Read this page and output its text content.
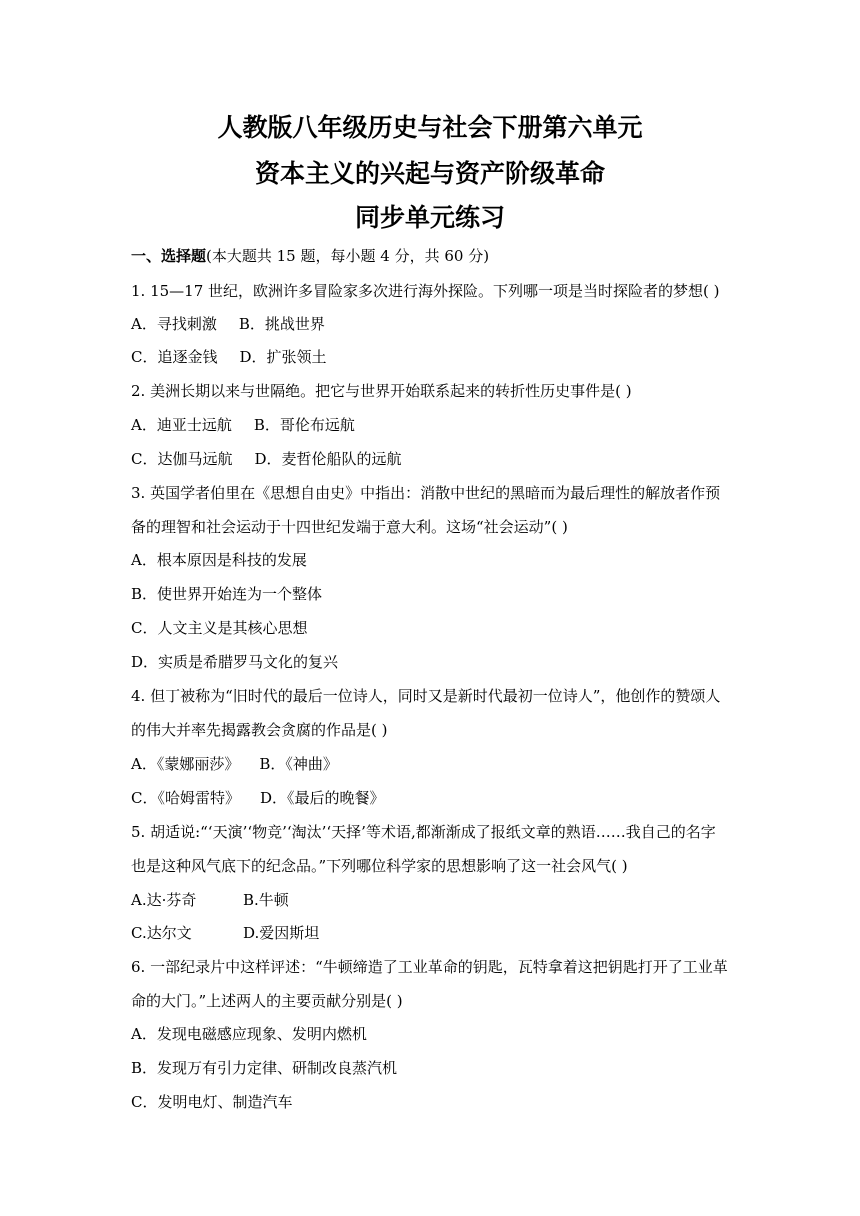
人教版八年级历史与社会下册第六单元
资本主义的兴起与资产阶级革命
同步单元练习
一、选择题(本大题共 15 题，每小题 4 分，共 60 分)
1. 15—17 世纪，欧洲许多冒险家多次进行海外探险。下列哪一项是当时探险者的梦想( )
A．寻找刺激 B．挑战世界
C．追逐金钱 D．扩张领土
2. 美洲长期以来与世隔绝。把它与世界开始联系起来的转折性历史事件是( )
A．迪亚士远航 B．哥伦布远航
C．达伽马远航 D．麦哲伦船队的远航
3. 英国学者伯里在《思想自由史》中指出：消散中世纪的黑暗而为最后理性的解放者作预
备的理智和社会运动于十四世纪发端于意大利。这场“社会运动”( )
A．根本原因是科技的发展
B．使世界开始连为一个整体
C．人文主义是其核心思想
D．实质是希腊罗马文化的复兴
4. 但丁被称为“旧时代的最后一位诗人，同时又是新时代最初一位诗人”，他创作的赞颂人
的伟大并率先揭露教会贪腐的作品是( )
A．《蒙娜丽莎》 B．《神曲》
C．《哈姆雷特》 D．《最后的晚餐》
5. 胡适说:“‘天演’‘物竞’‘淘汰’‘天择’等术语,都渐渐成了报纸文章的熟语……我自己的名字
也是这种风气底下的纪念品。”下列哪位科学家的思想影响了这一社会风气( )
A.达·芬奇	B.牛顿
C.达尔文	D.爱因斯坦
6. 一部纪录片中这样评述：“牛顿缔造了工业革命的钥匙，瓦特拿着这把钥匙打开了工业革
命的大门。”上述两人的主要贡献分别是( )
A．发现电磁感应现象、发明内燃机
B．发现万有引力定律、研制改良蒸汽机
C．发明电灯、制造汽车
